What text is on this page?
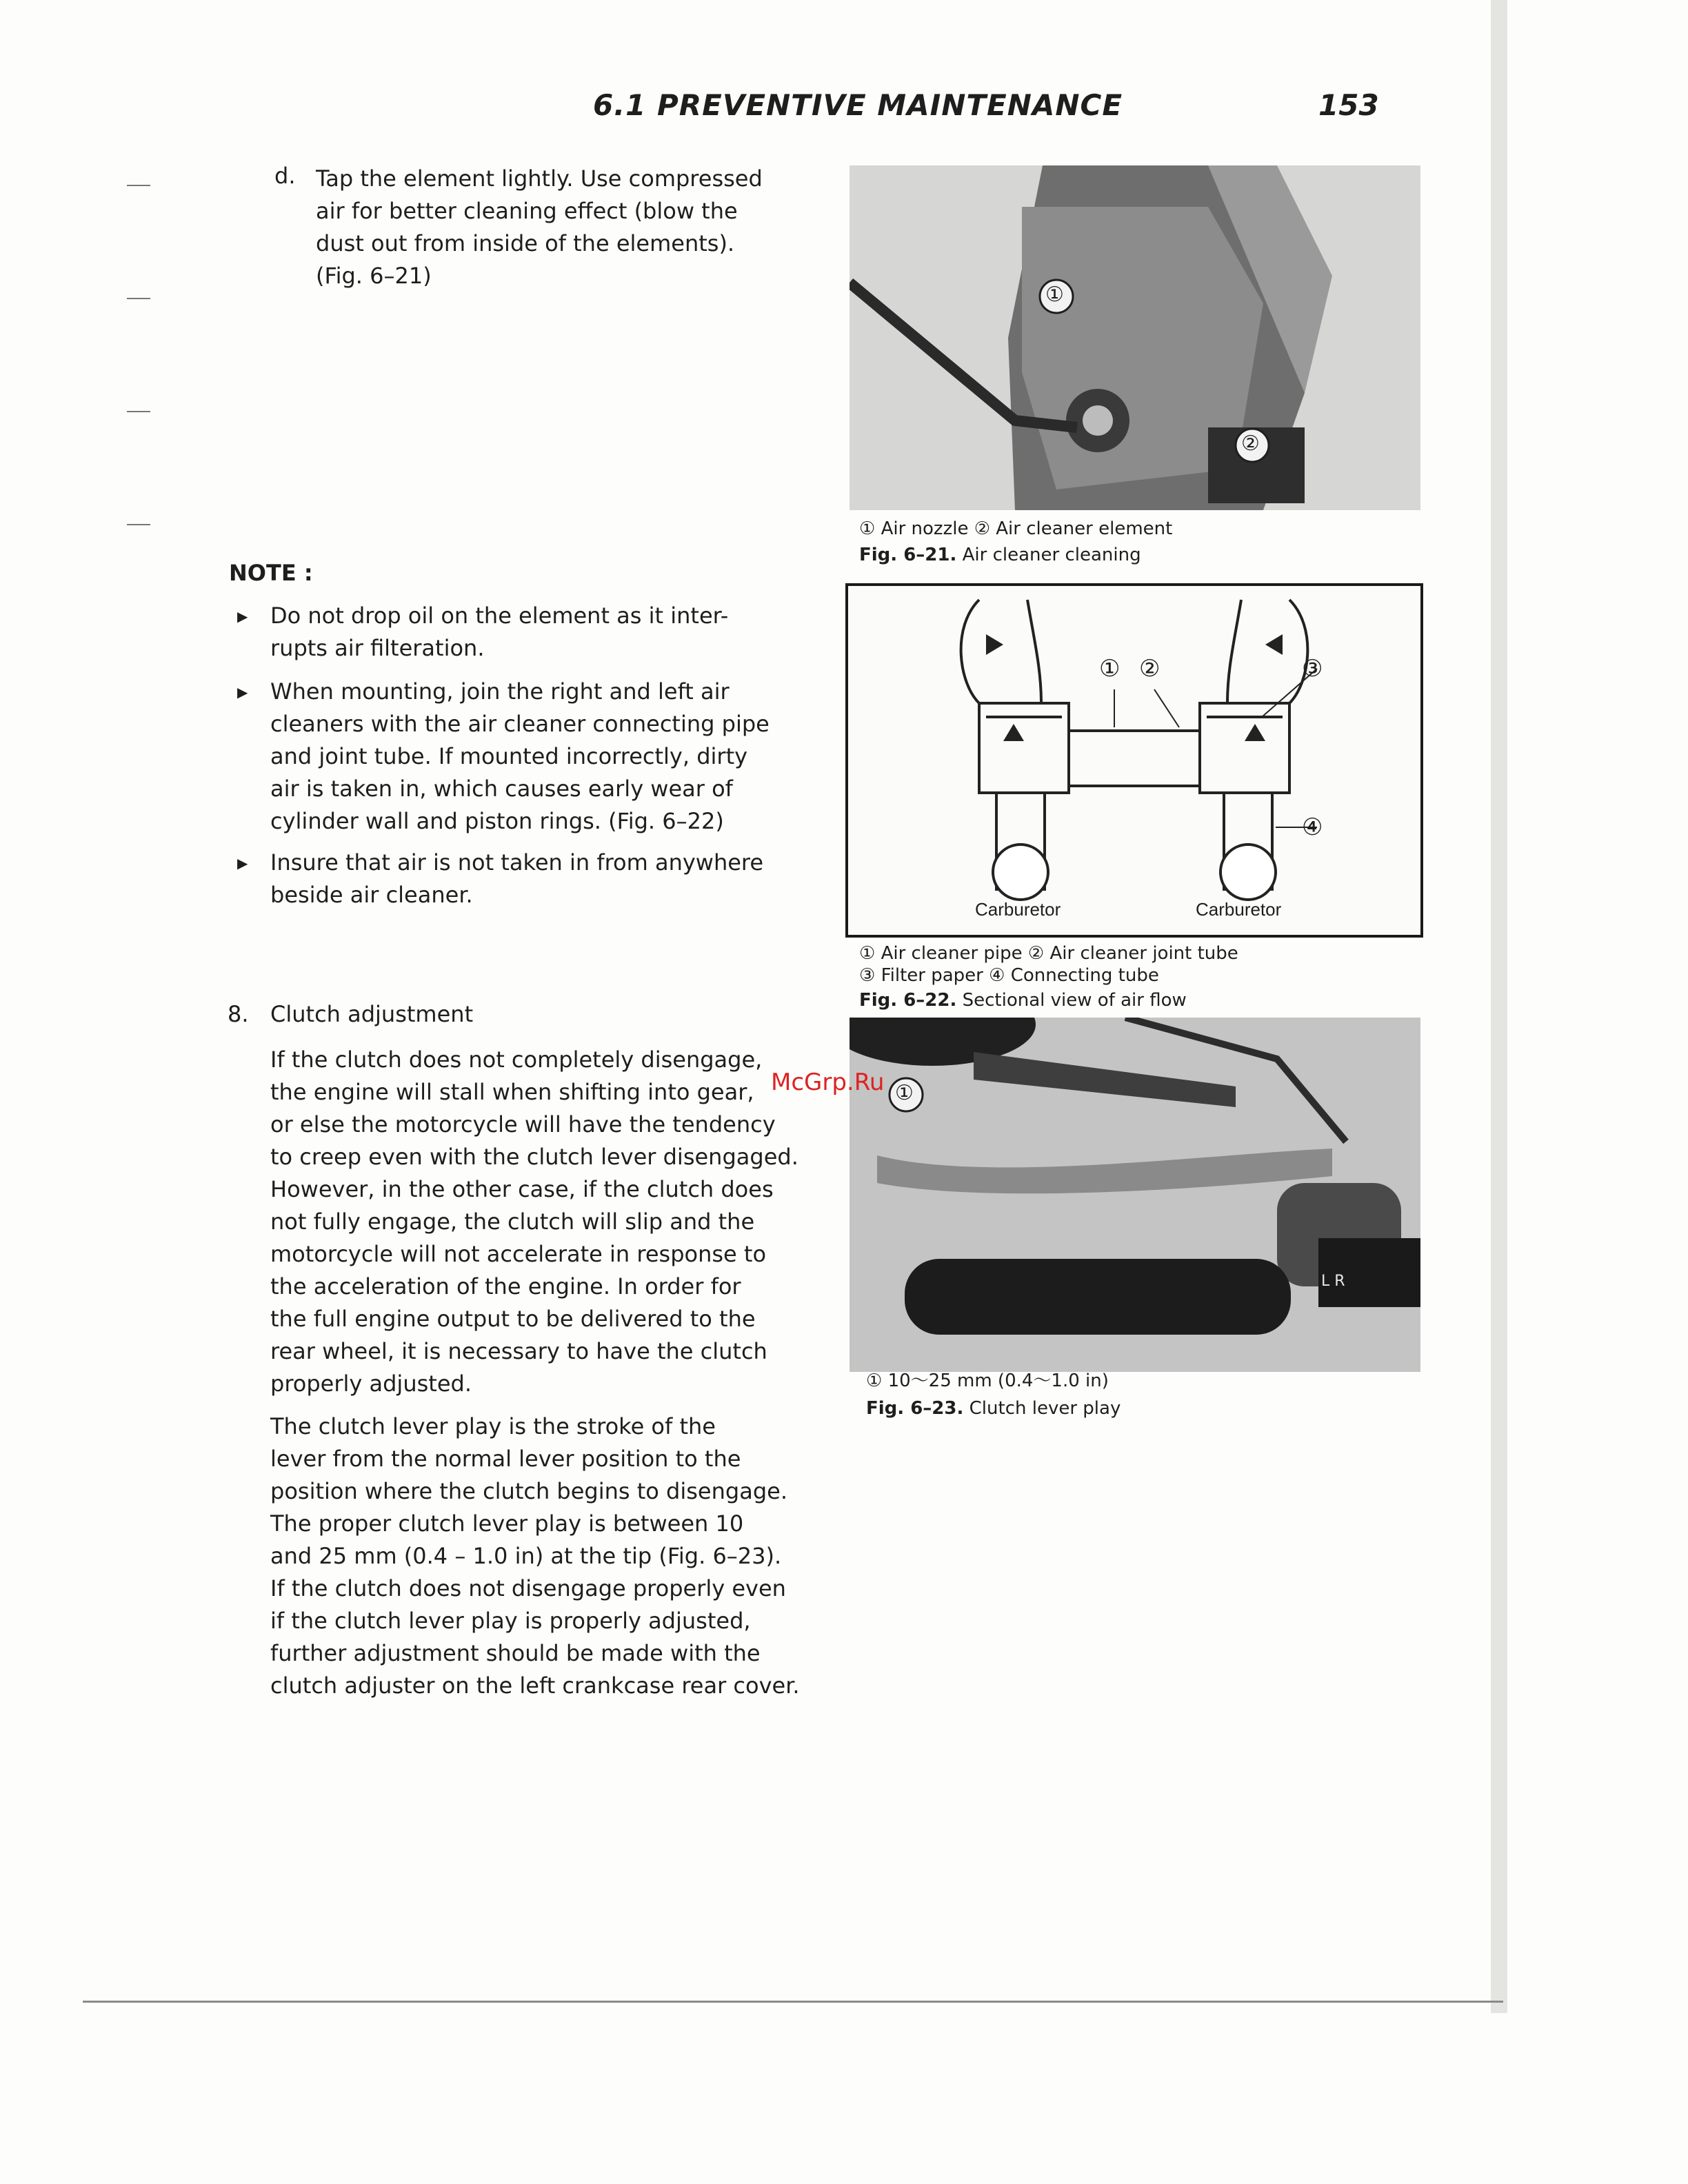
6.1 PREVENTIVE MAINTENANCE	153
d. Tap the element lightly. Use compressed
air for better cleaning effect (blow the
dust out from inside of the elements).
(Fig. 6–21)
NOTE :
▶ Do not drop oil on the element as it inter-
rupts air filteration.
▶ When mounting, join the right and left air
cleaners with the air cleaner connecting pipe
and joint tube. If mounted incorrectly, dirty
air is taken in, which causes early wear of
cylinder wall and piston rings. (Fig. 6–22)
▶ Insure that air is not taken in from anywhere
beside air cleaner.
8. Clutch adjustment
If the clutch does not completely disengage,
the engine will stall when shifting into gear,
or else the motorcycle will have the tendency
to creep even with the clutch lever disengaged.
However, in the other case, if the clutch does
not fully engage, the clutch will slip and the
motorcycle will not accelerate in response to
the acceleration of the engine. In order for
the full engine output to be delivered to the
rear wheel, it is necessary to have the clutch
properly adjusted.
The clutch lever play is the stroke of the
lever from the normal lever position to the
position where the clutch begins to disengage.
The proper clutch lever play is between 10
and 25 mm (0.4 – 1.0 in) at the tip (Fig. 6–23).
If the clutch does not disengage properly even
if the clutch lever play is properly adjusted,
further adjustment should be made with the
clutch adjuster on the left crankcase rear cover.
①
②
① Air nozzle ② Air cleaner element
Fig. 6–21. Air cleaner cleaning
① ②	③
④
Carburetor	Carburetor
① Air cleaner pipe ② Air cleaner joint tube
③ Filter paper ④ Connecting tube
Fig. 6–22. Sectional view of air flow
①
L R
① 10～25 mm (0.4～1.0 in)
Fig. 6–23. Clutch lever play
McGrp.Ru
